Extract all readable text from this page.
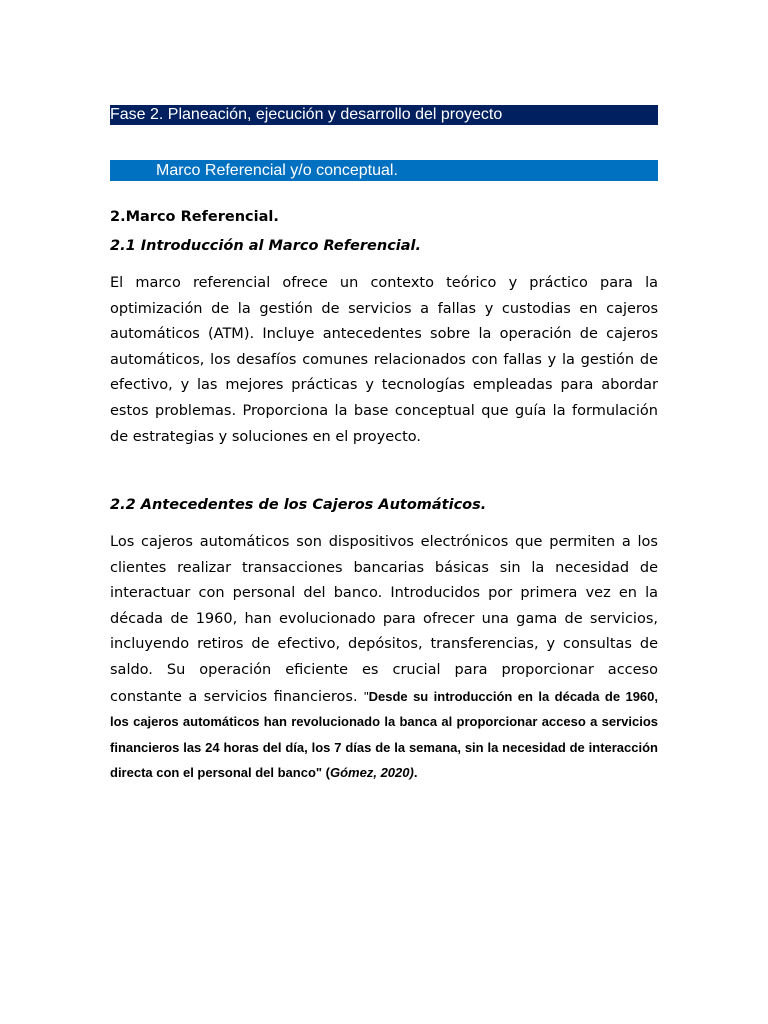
Fase 2. Planeación, ejecución y desarrollo del proyecto
Marco Referencial y/o conceptual.
2.Marco Referencial.
2.1 Introducción al Marco Referencial.
El marco referencial ofrece un contexto teórico y práctico para la optimización de la gestión de servicios a fallas y custodias en cajeros automáticos (ATM). Incluye antecedentes sobre la operación de cajeros automáticos, los desafíos comunes relacionados con fallas y la gestión de efectivo, y las mejores prácticas y tecnologías empleadas para abordar estos problemas. Proporciona la base conceptual que guía la formulación de estrategias y soluciones en el proyecto.
2.2 Antecedentes de los Cajeros Automáticos.
Los cajeros automáticos son dispositivos electrónicos que permiten a los clientes realizar transacciones bancarias básicas sin la necesidad de interactuar con personal del banco. Introducidos por primera vez en la década de 1960, han evolucionado para ofrecer una gama de servicios, incluyendo retiros de efectivo, depósitos, transferencias, y consultas de saldo. Su operación eficiente es crucial para proporcionar acceso constante a servicios financieros. "Desde su introducción en la década de 1960, los cajeros automáticos han revolucionado la banca al proporcionar acceso a servicios financieros las 24 horas del día, los 7 días de la semana, sin la necesidad de interacción directa con el personal del banco" (Gómez, 2020).
